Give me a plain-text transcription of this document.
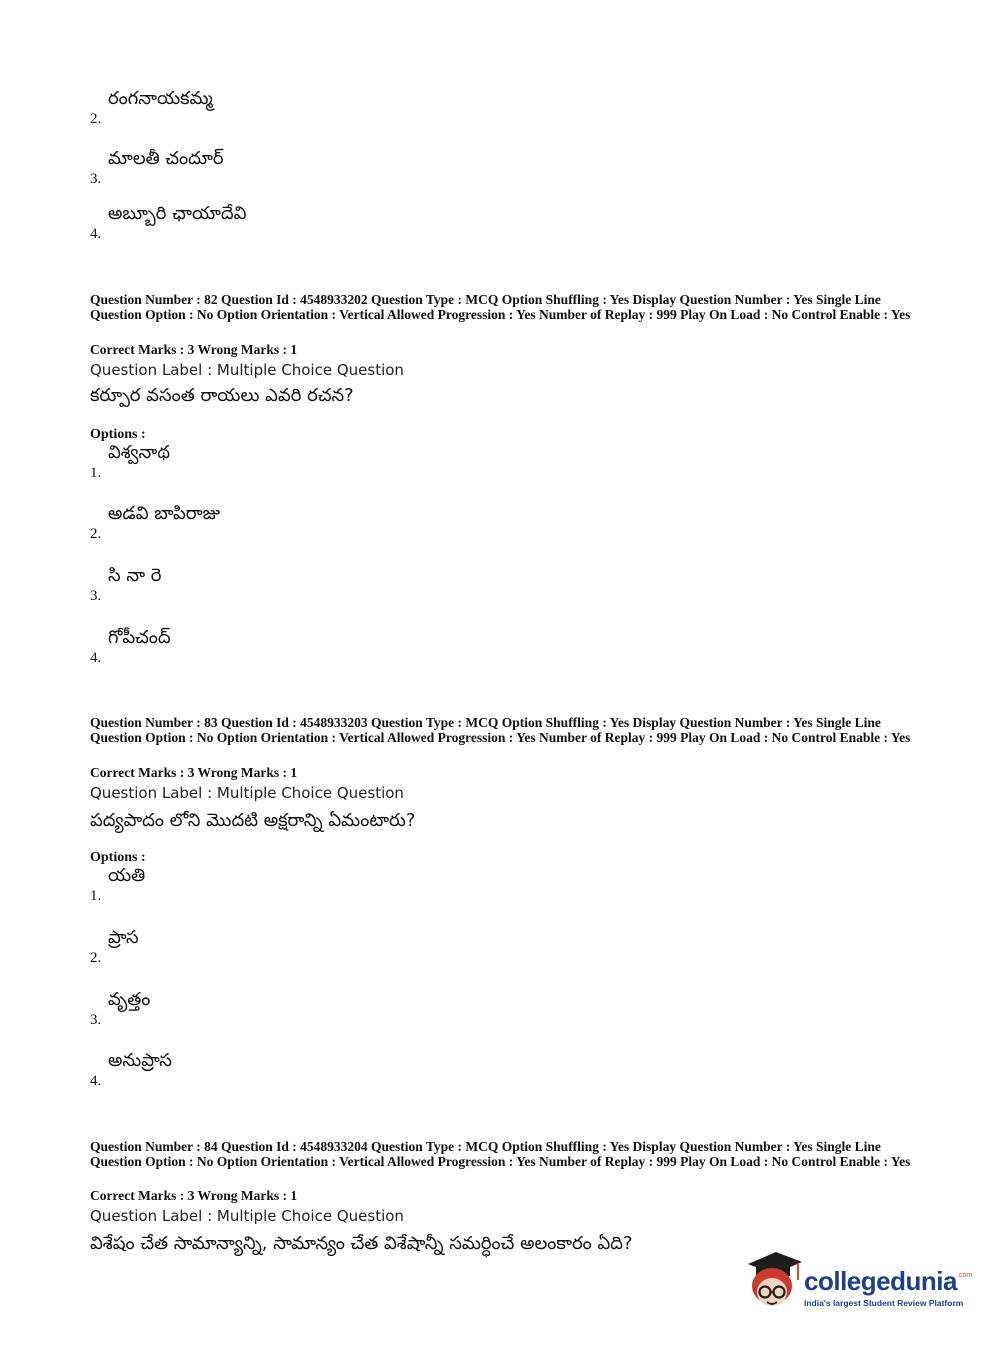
2.
రంగనాయకమ్మ
3.
మాలతీ చందూర్
4.
అబ్బూరి ఛాయాదేవి
Question Number : 82 Question Id : 4548933202 Question Type : MCQ Option Shuffling : Yes Display Question Number : Yes Single Line Question Option : No Option Orientation : Vertical Allowed Progression : Yes Number of Replay : 999 Play On Load : No Control Enable : Yes
Correct Marks : 3 Wrong Marks : 1
Question Label : Multiple Choice Question
కర్పూర వసంత రాయలు ఎవరి రచన?
Options :
1.
విశ్వనాథ
2.
అడవి బాపిరాజు
3.
సి నా రె
4.
గోపీచంద్
Question Number : 83 Question Id : 4548933203 Question Type : MCQ Option Shuffling : Yes Display Question Number : Yes Single Line Question Option : No Option Orientation : Vertical Allowed Progression : Yes Number of Replay : 999 Play On Load : No Control Enable : Yes
Correct Marks : 3 Wrong Marks : 1
Question Label : Multiple Choice Question
పద్యపాదం లోని మొదటి అక్షరాన్ని ఏమంటారు?
Options :
1.
యతి
2.
ప్రాస
3.
వృత్తం
4.
అనుప్రాస
Question Number : 84 Question Id : 4548933204 Question Type : MCQ Option Shuffling : Yes Display Question Number : Yes Single Line Question Option : No Option Orientation : Vertical Allowed Progression : Yes Number of Replay : 999 Play On Load : No Control Enable : Yes
Correct Marks : 3 Wrong Marks : 1
Question Label : Multiple Choice Question
విశేషం చేత సామాన్యాన్ని, సామాన్యం చేత విశేషాన్నీ సమర్ధించే అలంకారం ఏది?
collegedunia .com
India's largest Student Review Platform
